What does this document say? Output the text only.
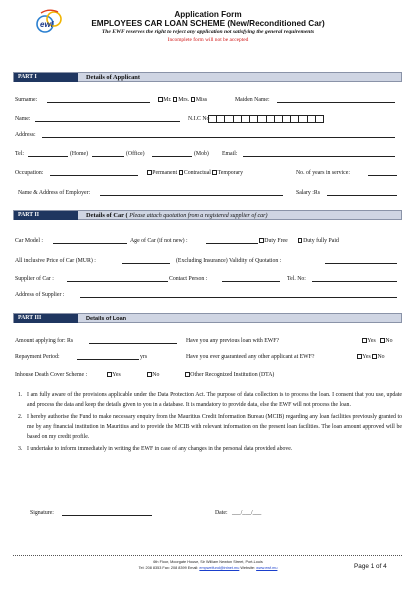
ewf
Application Form
EMPLOYEES CAR LOAN SCHEME (New/Reconditioned Car)
The EWF reserves the right to reject any application not satisfying the general requirements
Incomplete form will not be accepted
PART I	Details of Applicant
Surname:	Mr. Mrs. Miss	Maiden Name:
Name:	N.I.C No
Address:
Tel:	(Home)	(Office)	(Mob) Email:
Occupation:	Permanent Contractual Temporary	No. of years in service:
Name & Address of Employer:	Salary :Rs
PART II	Details of Car ( Please attach quotation from a registered supplier of car)
Car Model :	Age of Car (if not new) :	Duty Free	Duty fully Paid
All inclusive Price of Car (MUR) :	(Excluding Insurance) Validity of Quotation :
Supplier of Car :	Contact Person :	Tel. No:
Address of Supplier :
PART III	Details of Loan
Amount applying for: Rs	Have you any previous loan with EWF?	Yes No
Repayment Period:	yrs	Have you ever guaranteed any other applicant at EWF?	Yes No
Inhouse Death Cover Scheme :	Yes	No	Other Recognized Institution (DTA)
1. I am fully aware of the provisions applicable under the Data Protection Act. The purpose of data collection is to process the loan. I consent that you use, update and process the data and keep the details given to you in a database. It is mandatory to provide data, else the EWF will not process the loan.
2. I hereby authorise the Fund to make necessary enquiry from the Mauritius Credit Information Bureau (MCIB) regarding any loan facilities previously granted to me by any financial institution in Mauritius and to provide the MCIB with relevant information on the present loan facilities. The loan amount approved will be based on my credit profile.
3. I undertake to inform immediately in writing the EWF in case of any changes in the personal data provided above.
Signature:	Date: ___/___/___
6th Floor, Moorgate House, Sir William Newton Street, Port-Louis
Tel: 208 8353 Fax: 208 8399 Email: empwelfund@intnet.mu Website: www.ewf.mu	Page 1 of 4
